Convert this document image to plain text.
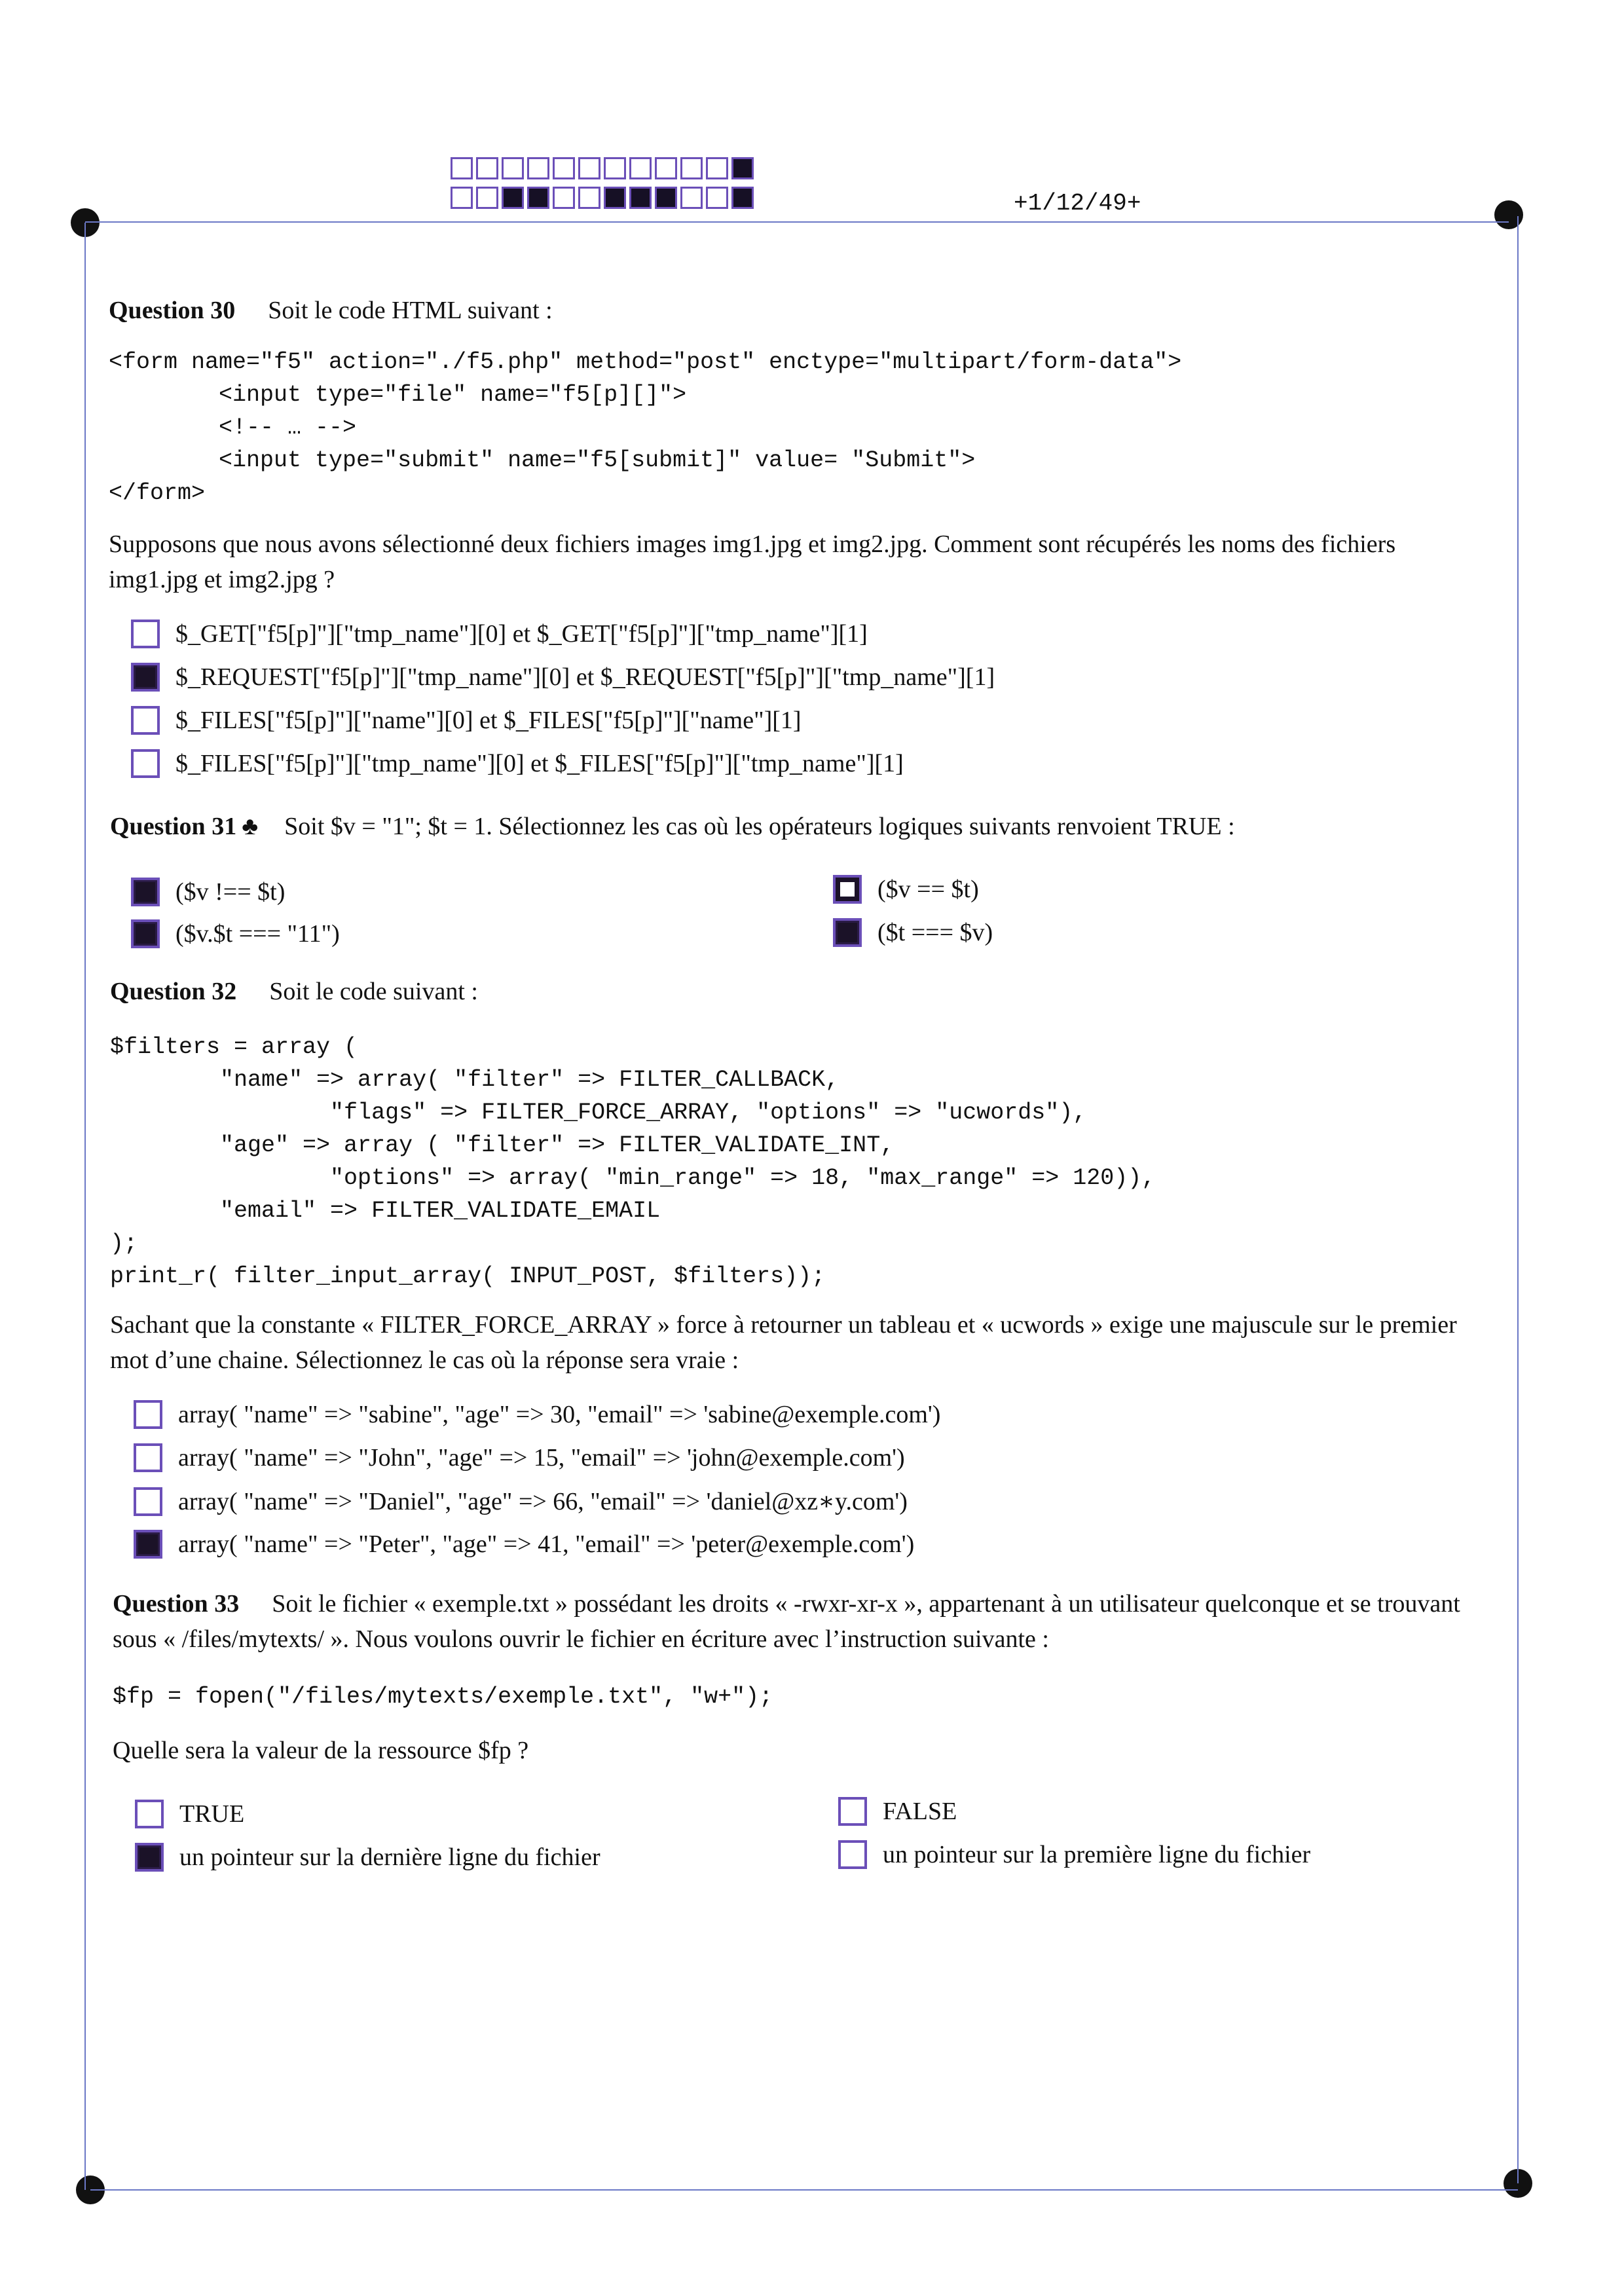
+1/12/49+
Question 30 Soit le code HTML suivant :
<form name="f5" action="./f5.php" method="post" enctype="multipart/form-data">
<input type="file" name="f5[p][]">
<!-- … -->
<input type="submit" name="f5[submit]" value= "Submit">
</form>
Supposons que nous avons sélectionné deux fichiers images img1.jpg et img2.jpg. Comment sont récupérés les noms des fichiers img1.jpg et img2.jpg ?
$_GET["f5[p]"]["tmp_name"][0] et $_GET["f5[p]"]["tmp_name"][1]
$_REQUEST["f5[p]"]["tmp_name"][0] et $_REQUEST["f5[p]"]["tmp_name"][1]
$_FILES["f5[p]"]["name"][0] et $_FILES["f5[p]"]["name"][1]
$_FILES["f5[p]"]["tmp_name"][0] et $_FILES["f5[p]"]["tmp_name"][1]
Question 31 ♣ Soit $v = "1"; $t = 1. Sélectionnez les cas où les opérateurs logiques suivants renvoient TRUE :
($v !== $t)	($v == $t)
($v.$t === "11")	($t === $v)
Question 32 Soit le code suivant :
$filters = array (
"name" => array( "filter" => FILTER_CALLBACK,
"flags" => FILTER_FORCE_ARRAY, "options" => "ucwords"),
"age" => array ( "filter" => FILTER_VALIDATE_INT,
"options" => array( "min_range" => 18, "max_range" => 120)),
"email" => FILTER_VALIDATE_EMAIL
);
print_r( filter_input_array( INPUT_POST, $filters));
Sachant que la constante « FILTER_FORCE_ARRAY » force à retourner un tableau et « ucwords » exige une majuscule sur le premier mot d’une chaine. Sélectionnez le cas où la réponse sera vraie :
array( "name" => "sabine", "age" => 30, "email" => 'sabine@exemple.com')
array( "name" => "John", "age" => 15, "email" => 'john@exemple.com')
array( "name" => "Daniel", "age" => 66, "email" => 'daniel@xz∗y.com')
array( "name" => "Peter", "age" => 41, "email" => 'peter@exemple.com')
Question 33 Soit le fichier « exemple.txt » possédant les droits « -rwxr-xr-x », appartenant à un utilisateur quelconque et se trouvant sous « /files/mytexts/ ». Nous voulons ouvrir le fichier en écriture avec l’instruction suivante :
$fp = fopen("/files/mytexts/exemple.txt", "w+");
Quelle sera la valeur de la ressource $fp ?
TRUE	FALSE
un pointeur sur la dernière ligne du fichier	un pointeur sur la première ligne du fichier
